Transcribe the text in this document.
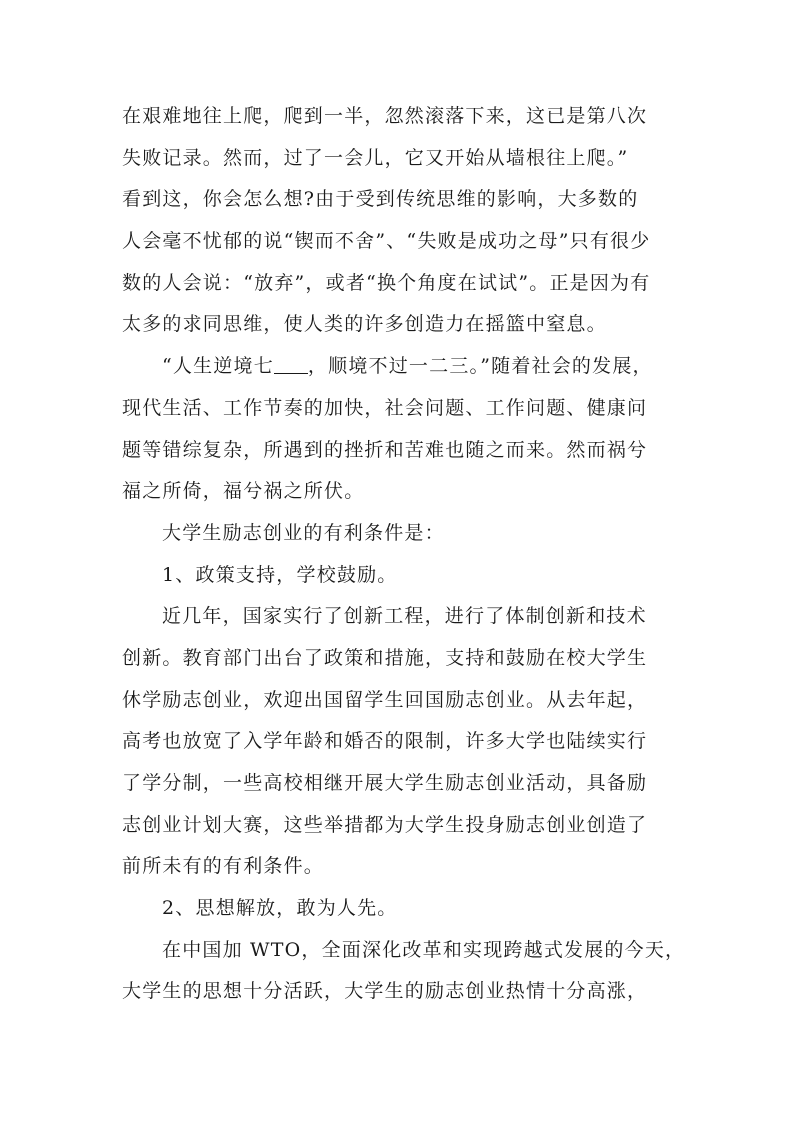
在艰难地往上爬，爬到一半，忽然滚落下来，这已是第八次
失败记录。然而，过了一会儿，它又开始从墙根往上爬。”
看到这，你会怎么想?由于受到传统思维的影响，大多数的
人会毫不忧郁的说“锲而不舍”、“失败是成功之母”只有很少
数的人会说：“放弃”，或者“换个角度在试试”。正是因为有
太多的求同思维，使人类的许多创造力在摇篮中窒息。
“人生逆境七 ，顺境不过一二三。”随着社会的发展，
现代生活、工作节奏的加快，社会问题、工作问题、健康问
题等错综复杂，所遇到的挫折和苦难也随之而来。然而祸兮
福之所倚，福兮祸之所伏。
大学生励志创业的有利条件是：
1、政策支持，学校鼓励。
近几年，国家实行了创新工程，进行了体制创新和技术
创新。教育部门出台了政策和措施，支持和鼓励在校大学生
休学励志创业，欢迎出国留学生回国励志创业。从去年起，
高考也放宽了入学年龄和婚否的限制，许多大学也陆续实行
了学分制，一些高校相继开展大学生励志创业活动，具备励
志创业计划大赛，这些举措都为大学生投身励志创业创造了
前所未有的有利条件。
2、思想解放，敢为人先。
在中国加 WTO，全面深化改革和实现跨越式发展的今天，
大学生的思想十分活跃，大学生的励志创业热情十分高涨，
